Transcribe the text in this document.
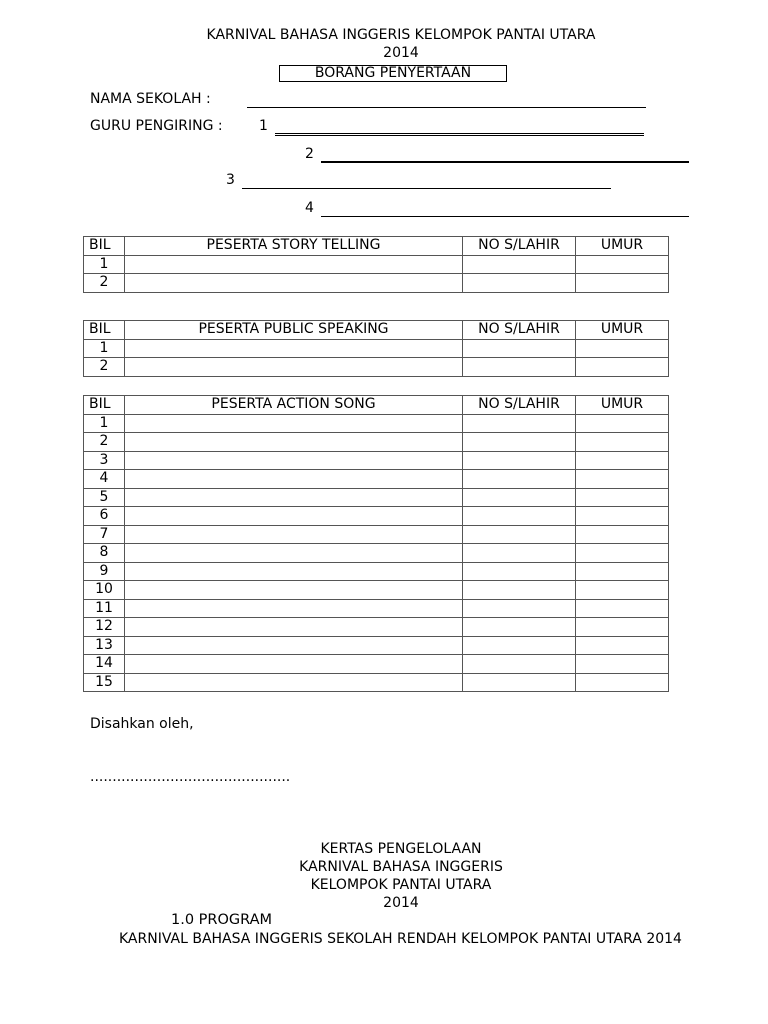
KARNIVAL BAHASA INGGERIS KELOMPOK PANTAI UTARA
2014
BORANG PENYERTAAN
NAMA SEKOLAH :
GURU PENGIRING :	1
2
3
4
BIL	PESERTA STORY TELLING	NO S/LAHIR	UMUR
1			
2			
BIL	PESERTA PUBLIC SPEAKING	NO S/LAHIR	UMUR
1			
2			
BIL	PESERTA ACTION SONG	NO S/LAHIR	UMUR
1			
2			
3			
4			
5			
6			
7			
8			
9			
10			
11			
12			
13			
14			
15			
Disahkan oleh,
.............................................
KERTAS PENGELOLAAN
KARNIVAL BAHASA INGGERIS
KELOMPOK PANTAI UTARA
2014
1.0 PROGRAM
KARNIVAL BAHASA INGGERIS SEKOLAH RENDAH KELOMPOK PANTAI UTARA 2014
